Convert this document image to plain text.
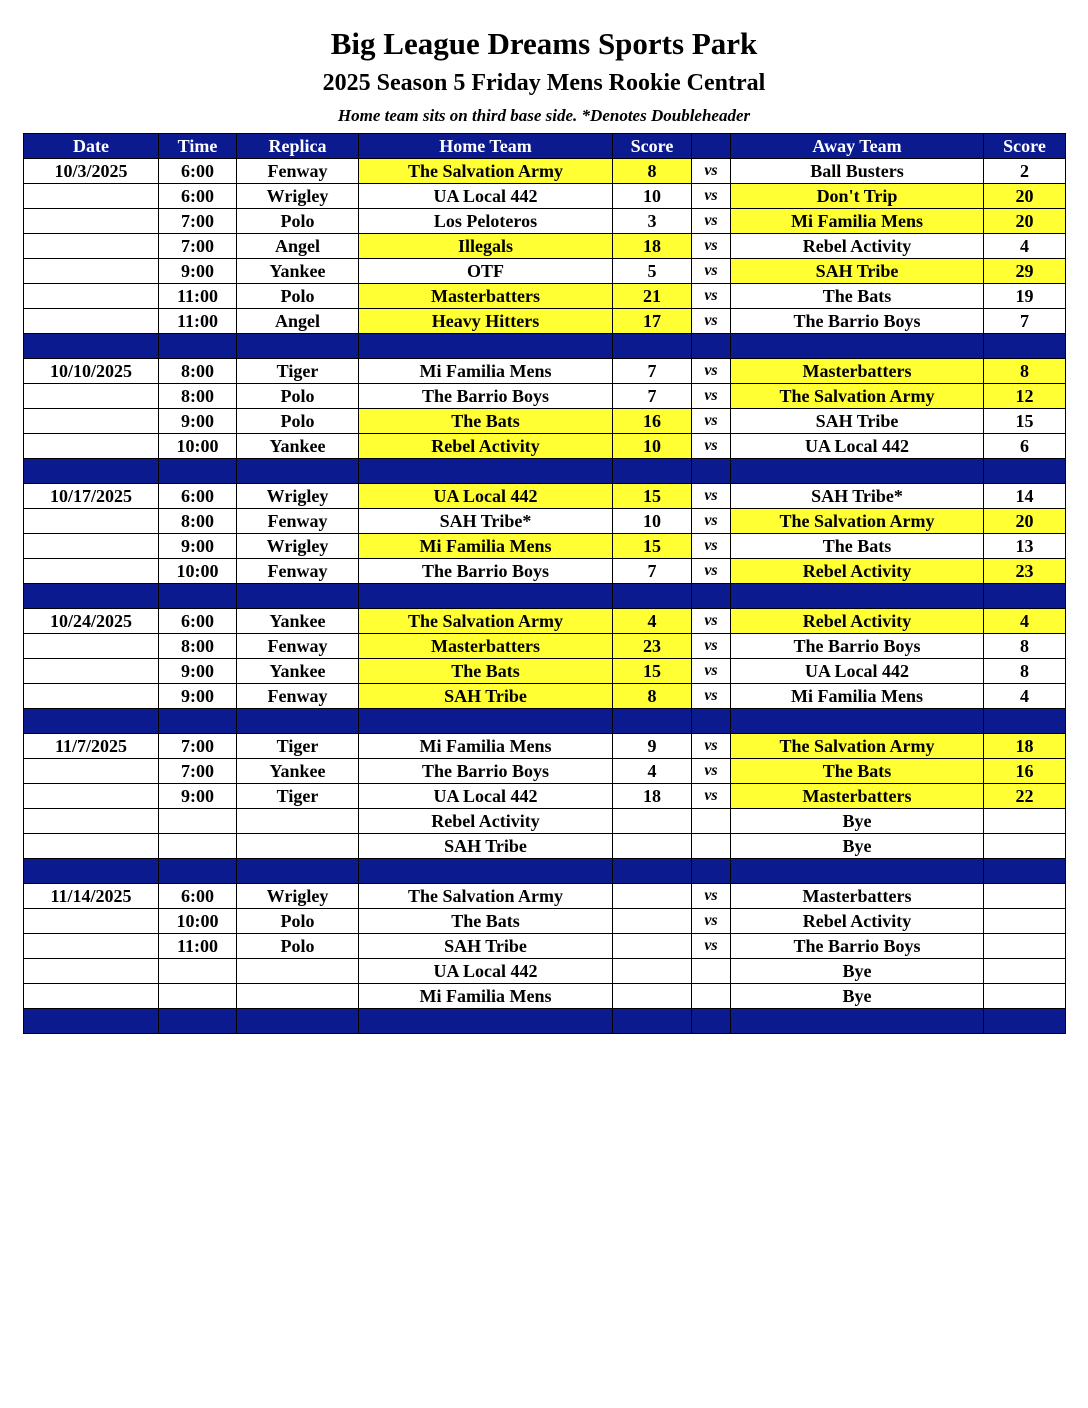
Big League Dreams Sports Park
2025 Season 5 Friday Mens Rookie Central
Home team sits on third base side. *Denotes Doubleheader
Date	Time	Replica	Home Team	Score		Away Team	Score
10/3/2025	6:00	Fenway	The Salvation Army	8	vs	Ball Busters	2
	6:00	Wrigley	UA Local 442	10	vs	Don't Trip	20
	7:00	Polo	Los Peloteros	3	vs	Mi Familia Mens	20
	7:00	Angel	Illegals	18	vs	Rebel Activity	4
	9:00	Yankee	OTF	5	vs	SAH Tribe	29
	11:00	Polo	Masterbatters	21	vs	The Bats	19
	11:00	Angel	Heavy Hitters	17	vs	The Barrio Boys	7

10/10/2025	8:00	Tiger	Mi Familia Mens	7	vs	Masterbatters	8
	8:00	Polo	The Barrio Boys	7	vs	The Salvation Army	12
	9:00	Polo	The Bats	16	vs	SAH Tribe	15
	10:00	Yankee	Rebel Activity	10	vs	UA Local 442	6

10/17/2025	6:00	Wrigley	UA Local 442	15	vs	SAH Tribe*	14
	8:00	Fenway	SAH Tribe*	10	vs	The Salvation Army	20
	9:00	Wrigley	Mi Familia Mens	15	vs	The Bats	13
	10:00	Fenway	The Barrio Boys	7	vs	Rebel Activity	23

10/24/2025	6:00	Yankee	The Salvation Army	4	vs	Rebel Activity	4
	8:00	Fenway	Masterbatters	23	vs	The Barrio Boys	8
	9:00	Yankee	The Bats	15	vs	UA Local 442	8
	9:00	Fenway	SAH Tribe	8	vs	Mi Familia Mens	4

11/7/2025	7:00	Tiger	Mi Familia Mens	9	vs	The Salvation Army	18
	7:00	Yankee	The Barrio Boys	4	vs	The Bats	16
	9:00	Tiger	UA Local 442	18	vs	Masterbatters	22
			Rebel Activity			Bye	
			SAH Tribe			Bye	

11/14/2025	6:00	Wrigley	The Salvation Army		vs	Masterbatters	
	10:00	Polo	The Bats		vs	Rebel Activity	
	11:00	Polo	SAH Tribe		vs	The Barrio Boys	
			UA Local 442			Bye	
			Mi Familia Mens			Bye	
